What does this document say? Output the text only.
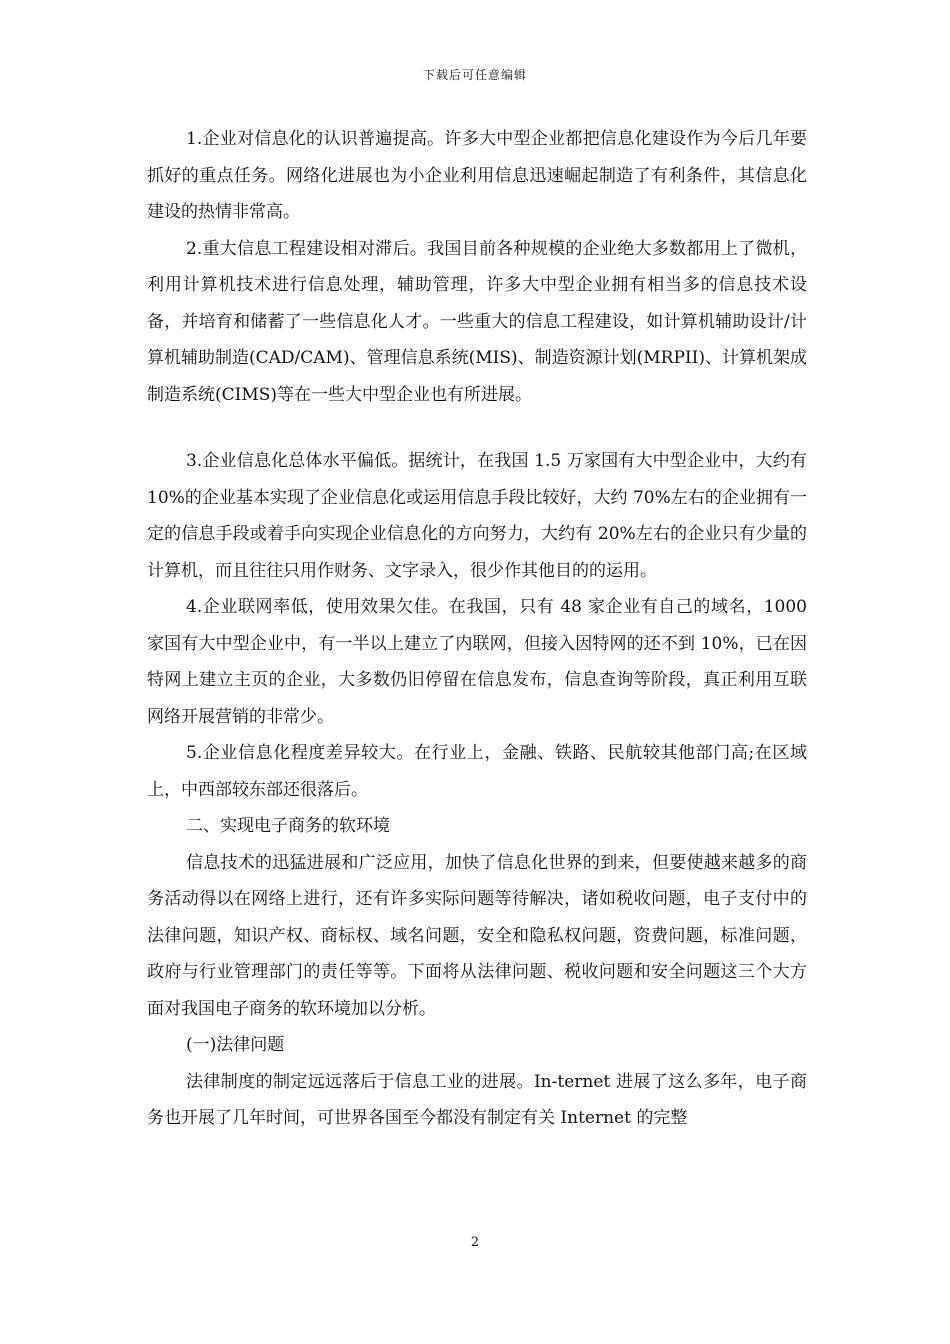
下载后可任意编辑

1.企业对信息化的认识普遍提高。许多大中型企业都把信息化建设作为今后几年要抓好的重点任务。网络化进展也为小企业利用信息迅速崛起制造了有利条件，其信息化建设的热情非常高。

2.重大信息工程建设相对滞后。我国目前各种规模的企业绝大多数都用上了微机，利用计算机技术进行信息处理，辅助管理，许多大中型企业拥有相当多的信息技术设备，并培育和储蓄了一些信息化人才。一些重大的信息工程建设，如计算机辅助设计/计算机辅助制造(CAD/CAM)、管理信息系统(MIS)、制造资源计划(MRPII)、计算机架成制造系统(CIMS)等在一些大中型企业也有所进展。

3.企业信息化总体水平偏低。据统计，在我国 1.5 万家国有大中型企业中，大约有 10%的企业基本实现了企业信息化或运用信息手段比较好，大约 70%左右的企业拥有一定的信息手段或着手向实现企业信息化的方向努力，大约有 20%左右的企业只有少量的计算机，而且往往只用作财务、文字录入，很少作其他目的的运用。

4.企业联网率低，使用效果欠佳。在我国，只有 48 家企业有自己的域名，1000 家国有大中型企业中，有一半以上建立了内联网，但接入因特网的还不到 10%，已在因特网上建立主页的企业，大多数仍旧停留在信息发布，信息查询等阶段，真正利用互联网络开展营销的非常少。

5.企业信息化程度差异较大。在行业上，金融、铁路、民航较其他部门高;在区域上，中西部较东部还很落后。

二、实现电子商务的软环境

信息技术的迅猛进展和广泛应用，加快了信息化世界的到来，但要使越来越多的商务活动得以在网络上进行，还有许多实际问题等待解决，诸如税收问题，电子支付中的法律问题，知识产权、商标权、域名问题，安全和隐私权问题，资费问题，标准问题，政府与行业管理部门的责任等等。下面将从法律问题、税收问题和安全问题这三个大方面对我国电子商务的软环境加以分析。

(一)法律问题

法律制度的制定远远落后于信息工业的进展。In-ternet 进展了这么多年，电子商务也开展了几年时间，可世界各国至今都没有制定有关 Internet 的完整

2
